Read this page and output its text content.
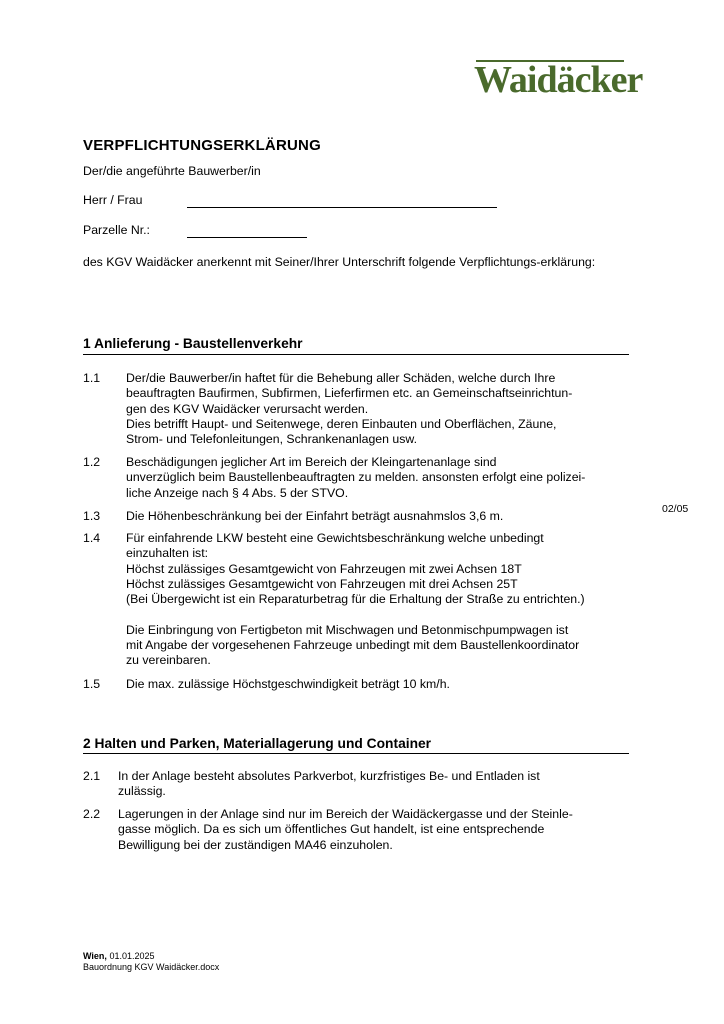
Waidäcker
VERPFLICHTUNGSERKLÄRUNG
Der/die angeführte Bauwerber/in
Herr / Frau
Parzelle Nr.:
des KGV Waidäcker anerkennt mit Seiner/Ihrer Unterschrift folgende Verpflichtungs-erklärung:
1 Anlieferung - Baustellenverkehr
1.1 Der/die Bauwerber/in haftet für die Behebung aller Schäden, welche durch Ihre
beauftragten Baufirmen, Subfirmen, Lieferfirmen etc. an Gemeinschaftseinrichtun-
gen des KGV Waidäcker verursacht werden.
Dies betrifft Haupt- und Seitenwege, deren Einbauten und Oberflächen, Zäune,
Strom- und Telefonleitungen, Schrankenanlagen usw.
1.2 Beschädigungen jeglicher Art im Bereich der Kleingartenanlage sind
unverzüglich beim Baustellenbeauftragten zu melden. ansonsten erfolgt eine polizei-
liche Anzeige nach § 4 Abs. 5 der STVO.
1.3 Die Höhenbeschränkung bei der Einfahrt beträgt ausnahmslos 3,6 m.
1.4 Für einfahrende LKW besteht eine Gewichtsbeschränkung welche unbedingt
einzuhalten ist:
Höchst zulässiges Gesamtgewicht von Fahrzeugen mit zwei Achsen 18T
Höchst zulässiges Gesamtgewicht von Fahrzeugen mit drei Achsen 25T
(Bei Übergewicht ist ein Reparaturbetrag für die Erhaltung der Straße zu entrichten.)

Die Einbringung von Fertigbeton mit Mischwagen und Betonmischpumpwagen ist
mit Angabe der vorgesehenen Fahrzeuge unbedingt mit dem Baustellenkoordinator
zu vereinbaren.
1.5 Die max. zulässige Höchstgeschwindigkeit beträgt 10 km/h.
2 Halten und Parken, Materiallagerung und Container
2.1 In der Anlage besteht absolutes Parkverbot, kurzfristiges Be- und Entladen ist
zulässig.
2.2 Lagerungen in der Anlage sind nur im Bereich der Waidäckergasse und der Steinle-
gasse möglich. Da es sich um öffentliches Gut handelt, ist eine entsprechende
Bewilligung bei der zuständigen MA46 einzuholen.
02/05
Wien, 01.01.2025
Bauordnung KGV Waidäcker.docx
